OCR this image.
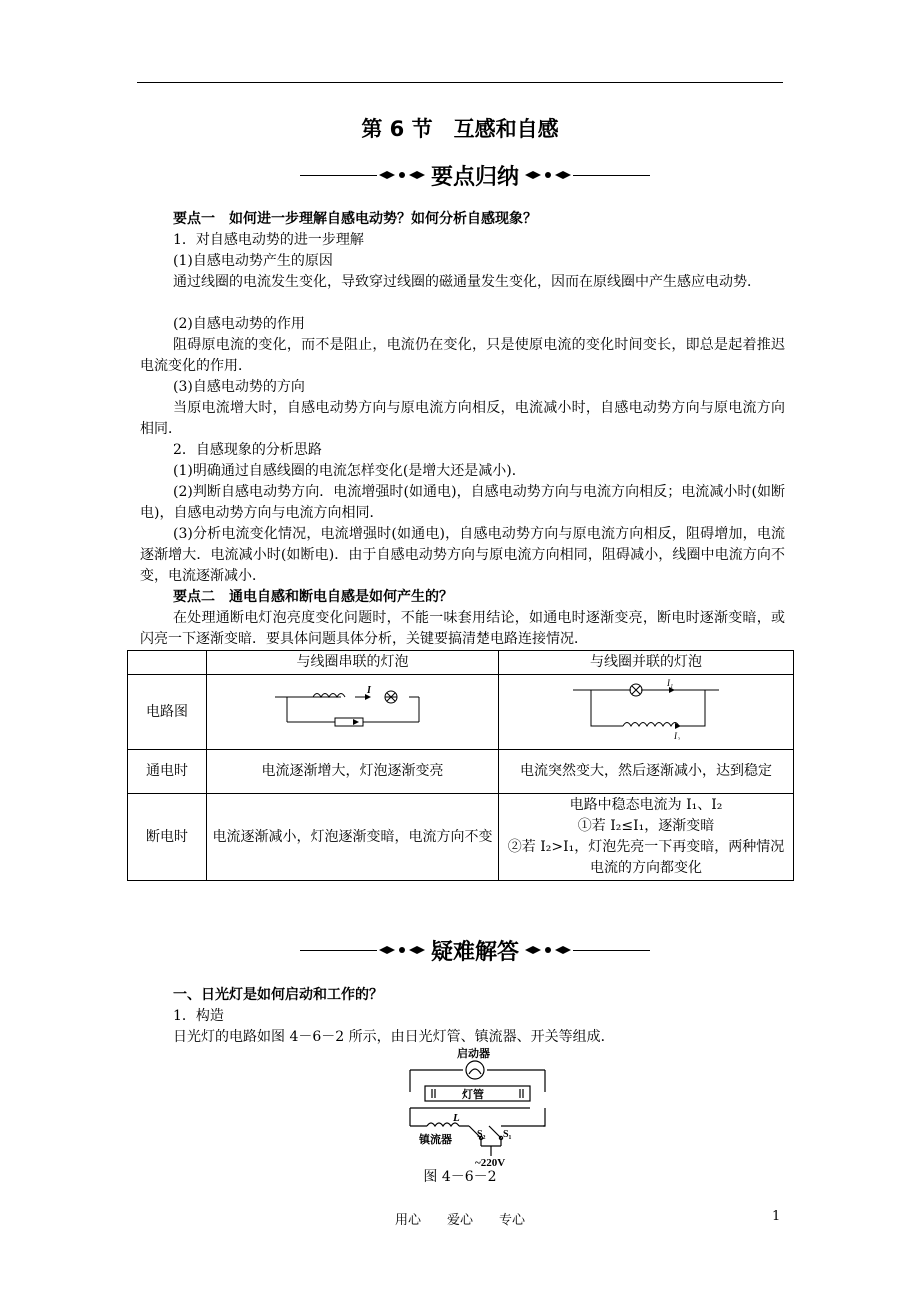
第 6 节　互感和自感
要点归纳
要点一　如何进一步理解自感电动势？如何分析自感现象？
1．对自感电动势的进一步理解
(1)自感电动势产生的原因
通过线圈的电流发生变化，导致穿过线圈的磁通量发生变化，因而在原线圈中产生感应电动势．
(2)自感电动势的作用
阻碍原电流的变化，而不是阻止，电流仍在变化，只是使原电流的变化时间变长，即总是起着推迟电流变化的作用．
(3)自感电动势的方向
当原电流增大时，自感电动势方向与原电流方向相反，电流减小时，自感电动势方向与原电流方向相同．
2．自感现象的分析思路
(1)明确通过自感线圈的电流怎样变化(是增大还是减小)．
(2)判断自感电动势方向．电流增强时(如通电)，自感电动势方向与电流方向相反；电流减小时(如断电)，自感电动势方向与电流方向相同．
(3)分析电流变化情况，电流增强时(如通电)，自感电动势方向与原电流方向相反，阻碍增加，电流逐渐增大．电流减小时(如断电)．由于自感电动势方向与原电流方向相同，阻碍减小，线圈中电流方向不变，电流逐渐减小．
要点二　通电自感和断电自感是如何产生的？
在处理通断电灯泡亮度变化问题时，不能一味套用结论，如通电时逐渐变亮，断电时逐渐变暗，或闪亮一下逐渐变暗．要具体问题具体分析，关键要搞清楚电路连接情况．
	与线圈串联的灯泡	与线圈并联的灯泡
电路图	I	I₁
I₂

通电时	电流逐渐增大，灯泡逐渐变亮	电流突然变大，然后逐渐减小，达到稳定
断电时	电流逐渐减小，灯泡逐渐变暗，电流方向不变	电路中稳态电流为 I₁、I₂
①若 I₂≤I₁，逐渐变暗
②若 I₂>I₁，灯泡先亮一下再变暗，两种情况电流的方向都变化
疑难解答
一、日光灯是如何启动和工作的？
1．构造
日光灯的电路如图 4－6－2 所示，由日光灯管、镇流器、开关等组成．
启动器
灯管
L
镇流器	S₂ S₁
~220V
图 4－6－2
用心　　爱心　　专心	1
